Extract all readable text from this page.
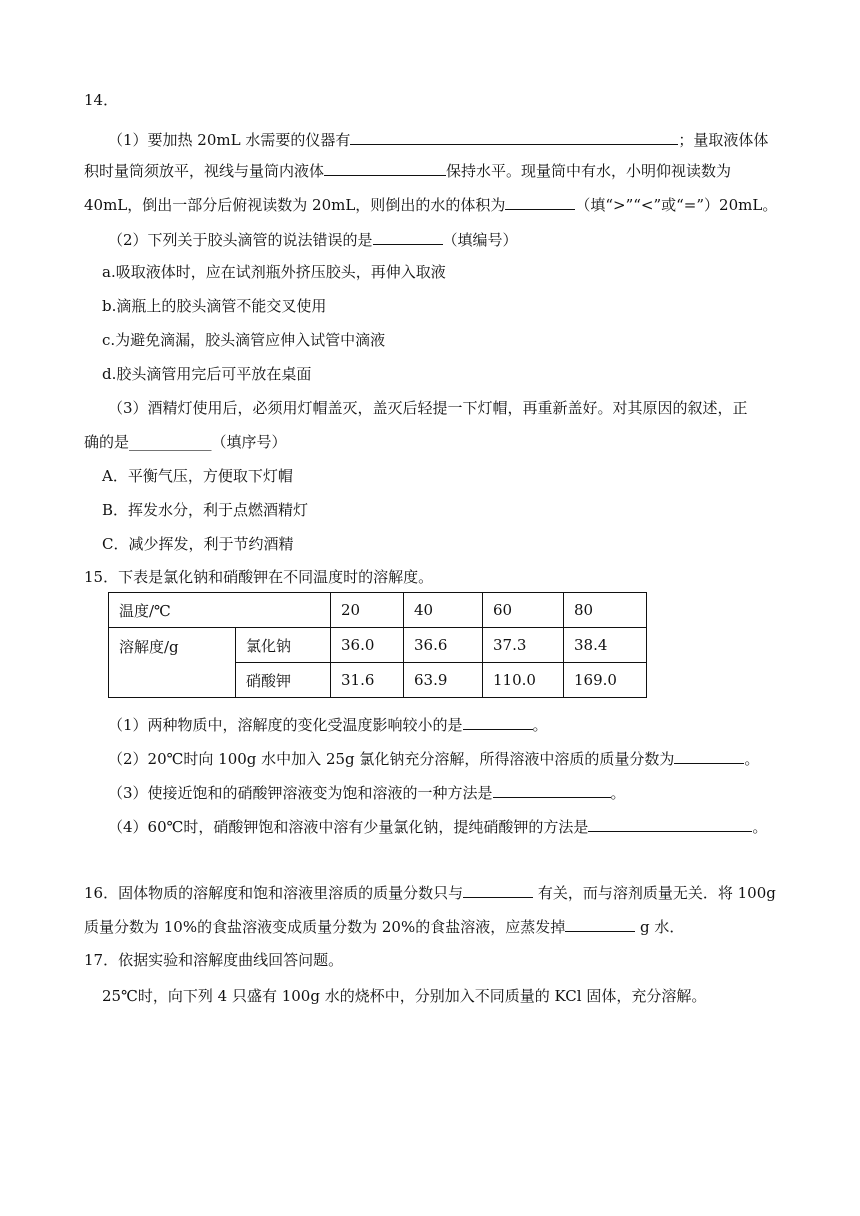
14．
（1）要加热 20mL 水需要的仪器有	；量取液体体
积时量筒须放平，视线与量筒内液体	保持水平。现量筒中有水，小明仰视读数为
40mL，倒出一部分后俯视读数为 20mL，则倒出的水的体积为	（填“>”“<”或“=”）20mL。
（2）下列关于胶头滴管的说法错误的是	（填编号）
a.吸取液体时，应在试剂瓶外挤压胶头，再伸入取液
b.滴瓶上的胶头滴管不能交叉使用
c.为避免滴漏，胶头滴管应伸入试管中滴液
d.胶头滴管用完后可平放在桌面
（3）酒精灯使用后，必须用灯帽盖灭，盖灭后轻提一下灯帽，再重新盖好。对其原因的叙述，正
确的是___________（填序号）
A．平衡气压，方便取下灯帽
B．挥发水分，利于点燃酒精灯
C．减少挥发，利于节约酒精
15．下表是氯化钠和硝酸钾在不同温度时的溶解度。
温度/℃		20	40	60	80
溶解度/g	氯化钠	36.0	36.6	37.3	38.4
	硝酸钾	31.6	63.9	110.0	169.0
（1）两种物质中，溶解度的变化受温度影响较小的是	。
（2）20℃时向 100g 水中加入 25g 氯化钠充分溶解，所得溶液中溶质的质量分数为	。
（3）使接近饱和的硝酸钾溶液变为饱和溶液的一种方法是	。
（4）60℃时，硝酸钾饱和溶液中溶有少量氯化钠，提纯硝酸钾的方法是	。
16．固体物质的溶解度和饱和溶液里溶质的质量分数只与	有关，而与溶剂质量无关．将 100g
质量分数为 10%的食盐溶液变成质量分数为 20%的食盐溶液，应蒸发掉	g 水．
17．依据实验和溶解度曲线回答问题。
25℃时，向下列 4 只盛有 100g 水的烧杯中，分别加入不同质量的 KCl 固体，充分溶解。
